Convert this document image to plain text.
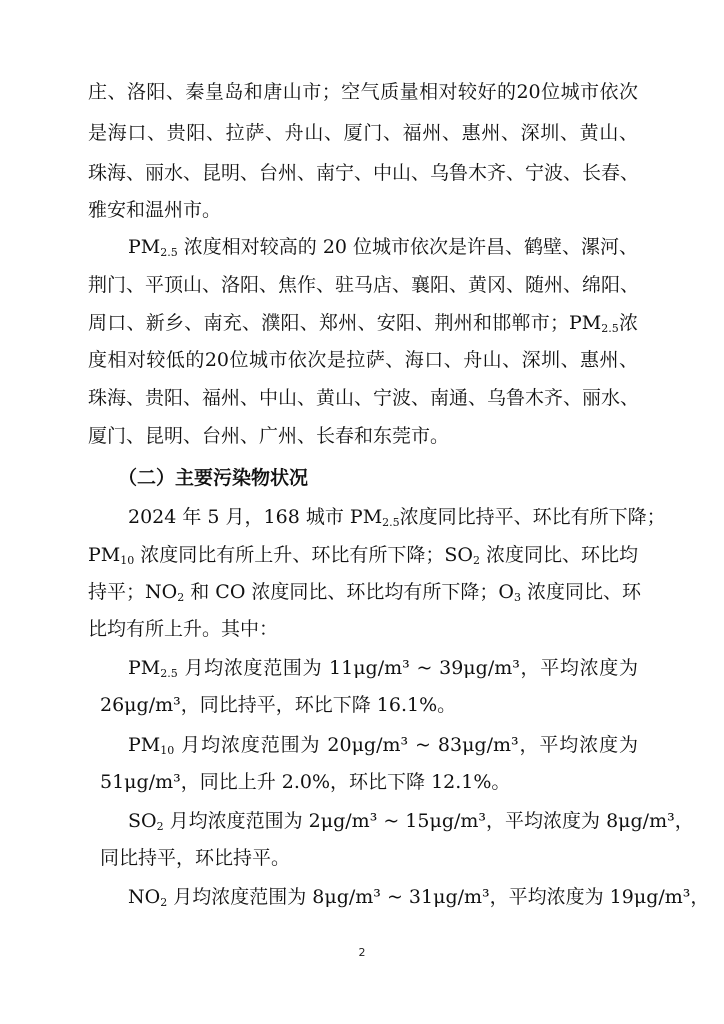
庄、洛阳、秦皇岛和唐山市；空气质量相对较好的20位城市依次
是海口、贵阳、拉萨、舟山、厦门、福州、惠州、深圳、黄山、
珠海、丽水、昆明、台州、南宁、中山、乌鲁木齐、宁波、长春、
雅安和温州市。
$PM_{2.5}$ 浓度相对较高的 20 位城市依次是许昌、鹤壁、漯河、
荆门、平顶山、洛阳、焦作、驻马店、襄阳、黄冈、随州、绵阳、
周口、新乡、南充、濮阳、郑州、安阳、荆州和邯郸市；$PM_{2.5}$浓
度相对较低的20位城市依次是拉萨、海口、舟山、深圳、惠州、
珠海、贵阳、福州、中山、黄山、宁波、南通、乌鲁木齐、丽水、
厦门、昆明、台州、广州、长春和东莞市。
（二）主要污染物状况
2024 年 5 月，168 城市 $PM_{2.5}$浓度同比持平、环比有所下降；
$PM_{10}$ 浓度同比有所上升、环比有所下降；$SO_2$ 浓度同比、环比均
持平；$NO_2$ 和 CO 浓度同比、环比均有所下降；$O_3$ 浓度同比、环
比均有所上升。其中：
$PM_{2.5}$ 月均浓度范围为 11μg/m³ ~ 39μg/m³，平均浓度为
26μg/m³，同比持平，环比下降 16.1%。
$PM_{10}$ 月均浓度范围为 20μg/m³ ~ 83μg/m³，平均浓度为
51μg/m³，同比上升 2.0%，环比下降 12.1%。
$SO_2$ 月均浓度范围为 2μg/m³ ~ 15μg/m³，平均浓度为 8μg/m³，
同比持平，环比持平。
$NO_2$ 月均浓度范围为 8μg/m³ ~ 31μg/m³，平均浓度为 19μg/m³，
2
